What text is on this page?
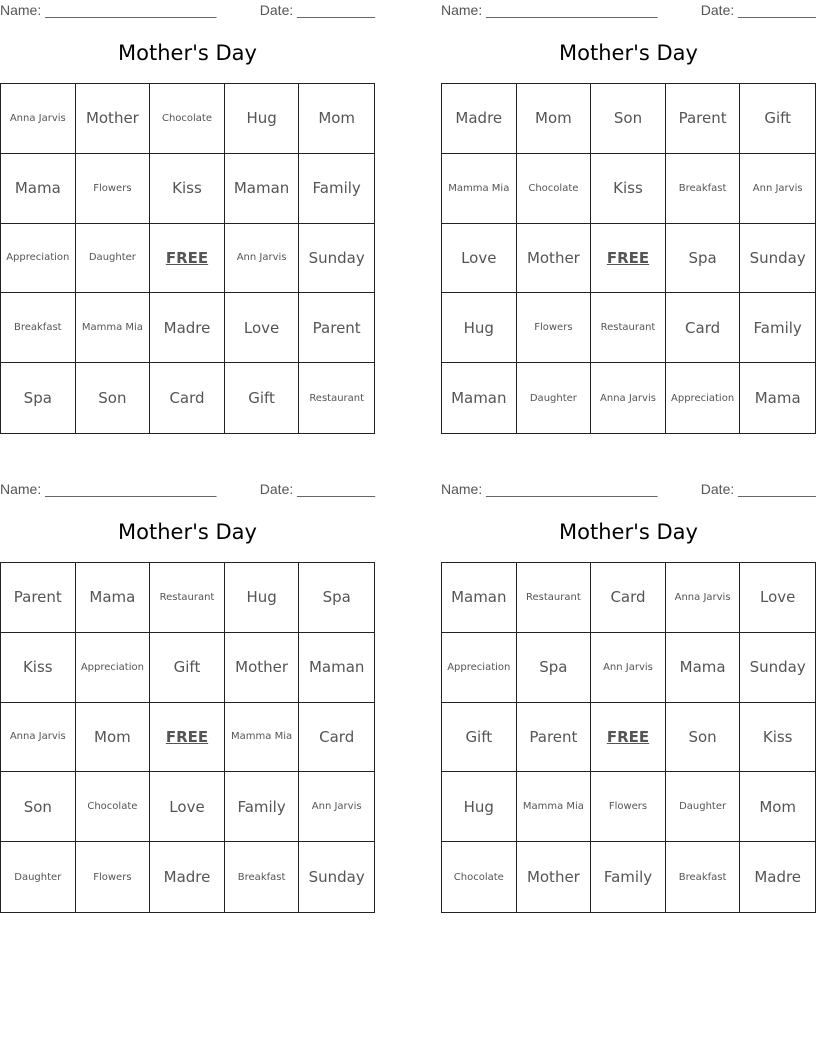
Name: ______________________	Date: __________
Mother's Day
Anna Jarvis	Mother	Chocolate	Hug	Mom
Mama	Flowers	Kiss	Maman	Family
Appreciation	Daughter	FREE	Ann Jarvis	Sunday
Breakfast	Mamma Mia	Madre	Love	Parent
Spa	Son	Card	Gift	Restaurant
Name: ______________________	Date: __________
Mother's Day
Madre	Mom	Son	Parent	Gift
Mamma Mia	Chocolate	Kiss	Breakfast	Ann Jarvis
Love	Mother	FREE	Spa	Sunday
Hug	Flowers	Restaurant	Card	Family
Maman	Daughter	Anna Jarvis	Appreciation	Mama
Name: ______________________	Date: __________
Mother's Day
Parent	Mama	Restaurant	Hug	Spa
Kiss	Appreciation	Gift	Mother	Maman
Anna Jarvis	Mom	FREE	Mamma Mia	Card
Son	Chocolate	Love	Family	Ann Jarvis
Daughter	Flowers	Madre	Breakfast	Sunday
Name: ______________________	Date: __________
Mother's Day
Maman	Restaurant	Card	Anna Jarvis	Love
Appreciation	Spa	Ann Jarvis	Mama	Sunday
Gift	Parent	FREE	Son	Kiss
Hug	Mamma Mia	Flowers	Daughter	Mom
Chocolate	Mother	Family	Breakfast	Madre
